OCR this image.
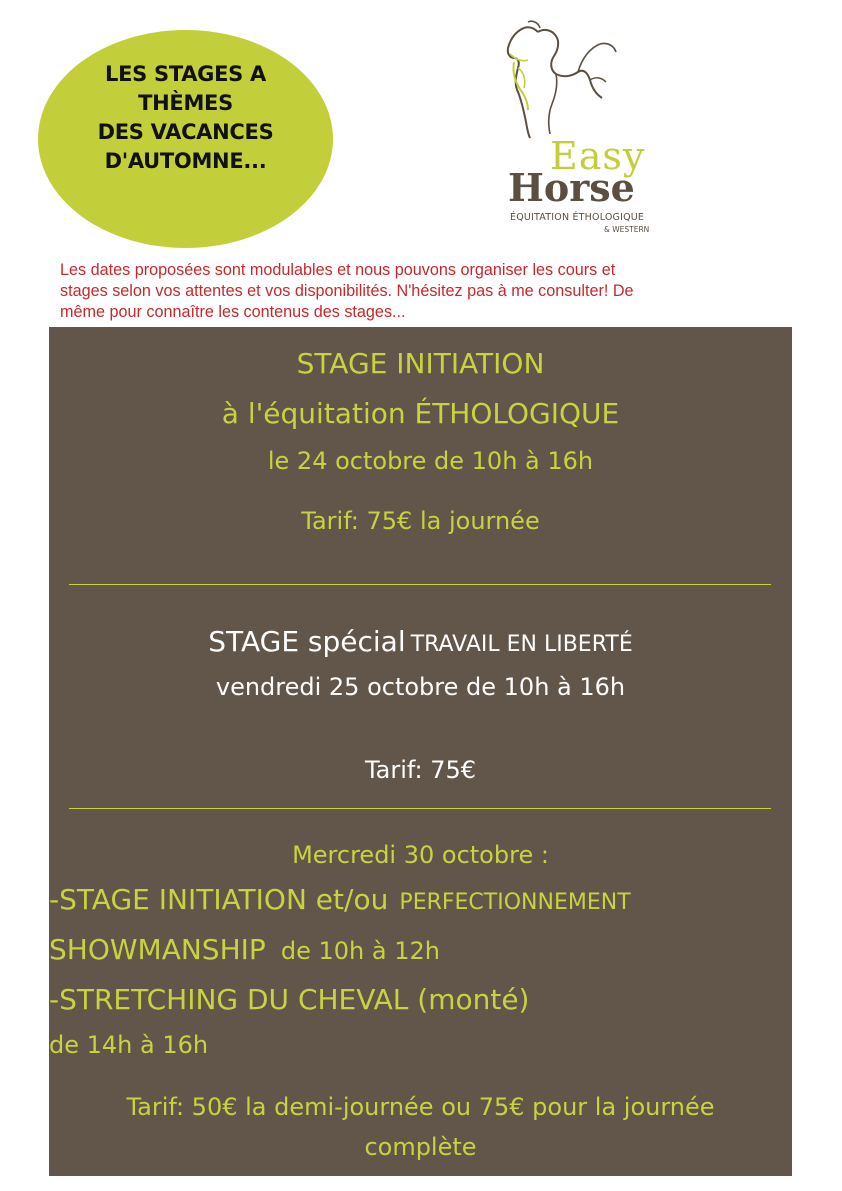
LES STAGES A
THÈMES
DES VACANCES
D'AUTOMNE...	Easy
Horse
ÉQUITATION ÉTHOLOGIQUE
& WESTERN
Les dates proposées sont modulables et nous pouvons organiser les cours et
stages selon vos attentes et vos disponibilités. N'hésitez pas à me consulter! De
même pour connaître les contenus des stages...
STAGE INITIATION
à l'équitation ÉTHOLOGIQUE
le 24 octobre de 10h à 16h
Tarif: 75€ la journée
STAGE spécial TRAVAIL EN LIBERTÉ
vendredi 25 octobre de 10h à 16h
Tarif: 75€
Mercredi 30 octobre :
-STAGE INITIATION et/ou PERFECTIONNEMENT
SHOWMANSHIP de 10h à 12h
-STRETCHING DU CHEVAL (monté)
de 14h à 16h
Tarif: 50€ la demi-journée ou 75€ pour la journée
complète
